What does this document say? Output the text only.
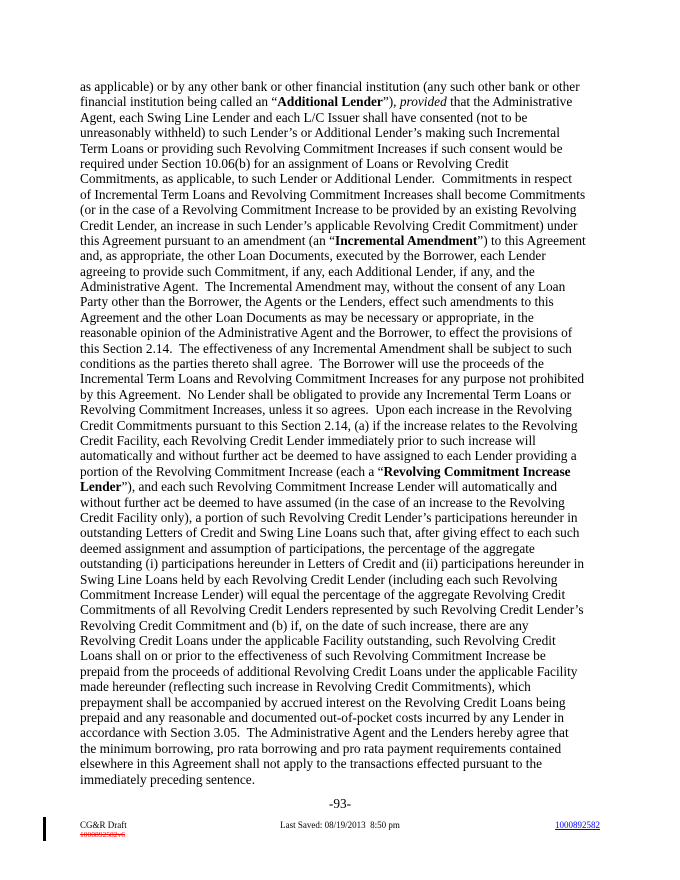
as applicable) or by any other bank or other financial institution (any such other bank or other
financial institution being called an “Additional Lender”), provided that the Administrative
Agent, each Swing Line Lender and each L/C Issuer shall have consented (not to be
unreasonably withheld) to such Lender’s or Additional Lender’s making such Incremental
Term Loans or providing such Revolving Commitment Increases if such consent would be
required under Section 10.06(b) for an assignment of Loans or Revolving Credit
Commitments, as applicable, to such Lender or Additional Lender.  Commitments in respect
of Incremental Term Loans and Revolving Commitment Increases shall become Commitments
(or in the case of a Revolving Commitment Increase to be provided by an existing Revolving
Credit Lender, an increase in such Lender’s applicable Revolving Credit Commitment) under
this Agreement pursuant to an amendment (an “Incremental Amendment”) to this Agreement
and, as appropriate, the other Loan Documents, executed by the Borrower, each Lender
agreeing to provide such Commitment, if any, each Additional Lender, if any, and the
Administrative Agent.  The Incremental Amendment may, without the consent of any Loan
Party other than the Borrower, the Agents or the Lenders, effect such amendments to this
Agreement and the other Loan Documents as may be necessary or appropriate, in the
reasonable opinion of the Administrative Agent and the Borrower, to effect the provisions of
this Section 2.14.  The effectiveness of any Incremental Amendment shall be subject to such
conditions as the parties thereto shall agree.  The Borrower will use the proceeds of the
Incremental Term Loans and Revolving Commitment Increases for any purpose not prohibited
by this Agreement.  No Lender shall be obligated to provide any Incremental Term Loans or
Revolving Commitment Increases, unless it so agrees.  Upon each increase in the Revolving
Credit Commitments pursuant to this Section 2.14, (a) if the increase relates to the Revolving
Credit Facility, each Revolving Credit Lender immediately prior to such increase will
automatically and without further act be deemed to have assigned to each Lender providing a
portion of the Revolving Commitment Increase (each a “Revolving Commitment Increase
Lender”), and each such Revolving Commitment Increase Lender will automatically and
without further act be deemed to have assumed (in the case of an increase to the Revolving
Credit Facility only), a portion of such Revolving Credit Lender’s participations hereunder in
outstanding Letters of Credit and Swing Line Loans such that, after giving effect to each such
deemed assignment and assumption of participations, the percentage of the aggregate
outstanding (i) participations hereunder in Letters of Credit and (ii) participations hereunder in
Swing Line Loans held by each Revolving Credit Lender (including each such Revolving
Commitment Increase Lender) will equal the percentage of the aggregate Revolving Credit
Commitments of all Revolving Credit Lenders represented by such Revolving Credit Lender’s
Revolving Credit Commitment and (b) if, on the date of such increase, there are any
Revolving Credit Loans under the applicable Facility outstanding, such Revolving Credit
Loans shall on or prior to the effectiveness of such Revolving Commitment Increase be
prepaid from the proceeds of additional Revolving Credit Loans under the applicable Facility
made hereunder (reflecting such increase in Revolving Credit Commitments), which
prepayment shall be accompanied by accrued interest on the Revolving Credit Loans being
prepaid and any reasonable and documented out-of-pocket costs incurred by any Lender in
accordance with Section 3.05.  The Administrative Agent and the Lenders hereby agree that
the minimum borrowing, pro rata borrowing and pro rata payment requirements contained
elsewhere in this Agreement shall not apply to the transactions effected pursuant to the
immediately preceding sentence.
-93-
CG&R Draft
1000892582v6
Last Saved: 08/19/2013  8:50 pm	1000892582
